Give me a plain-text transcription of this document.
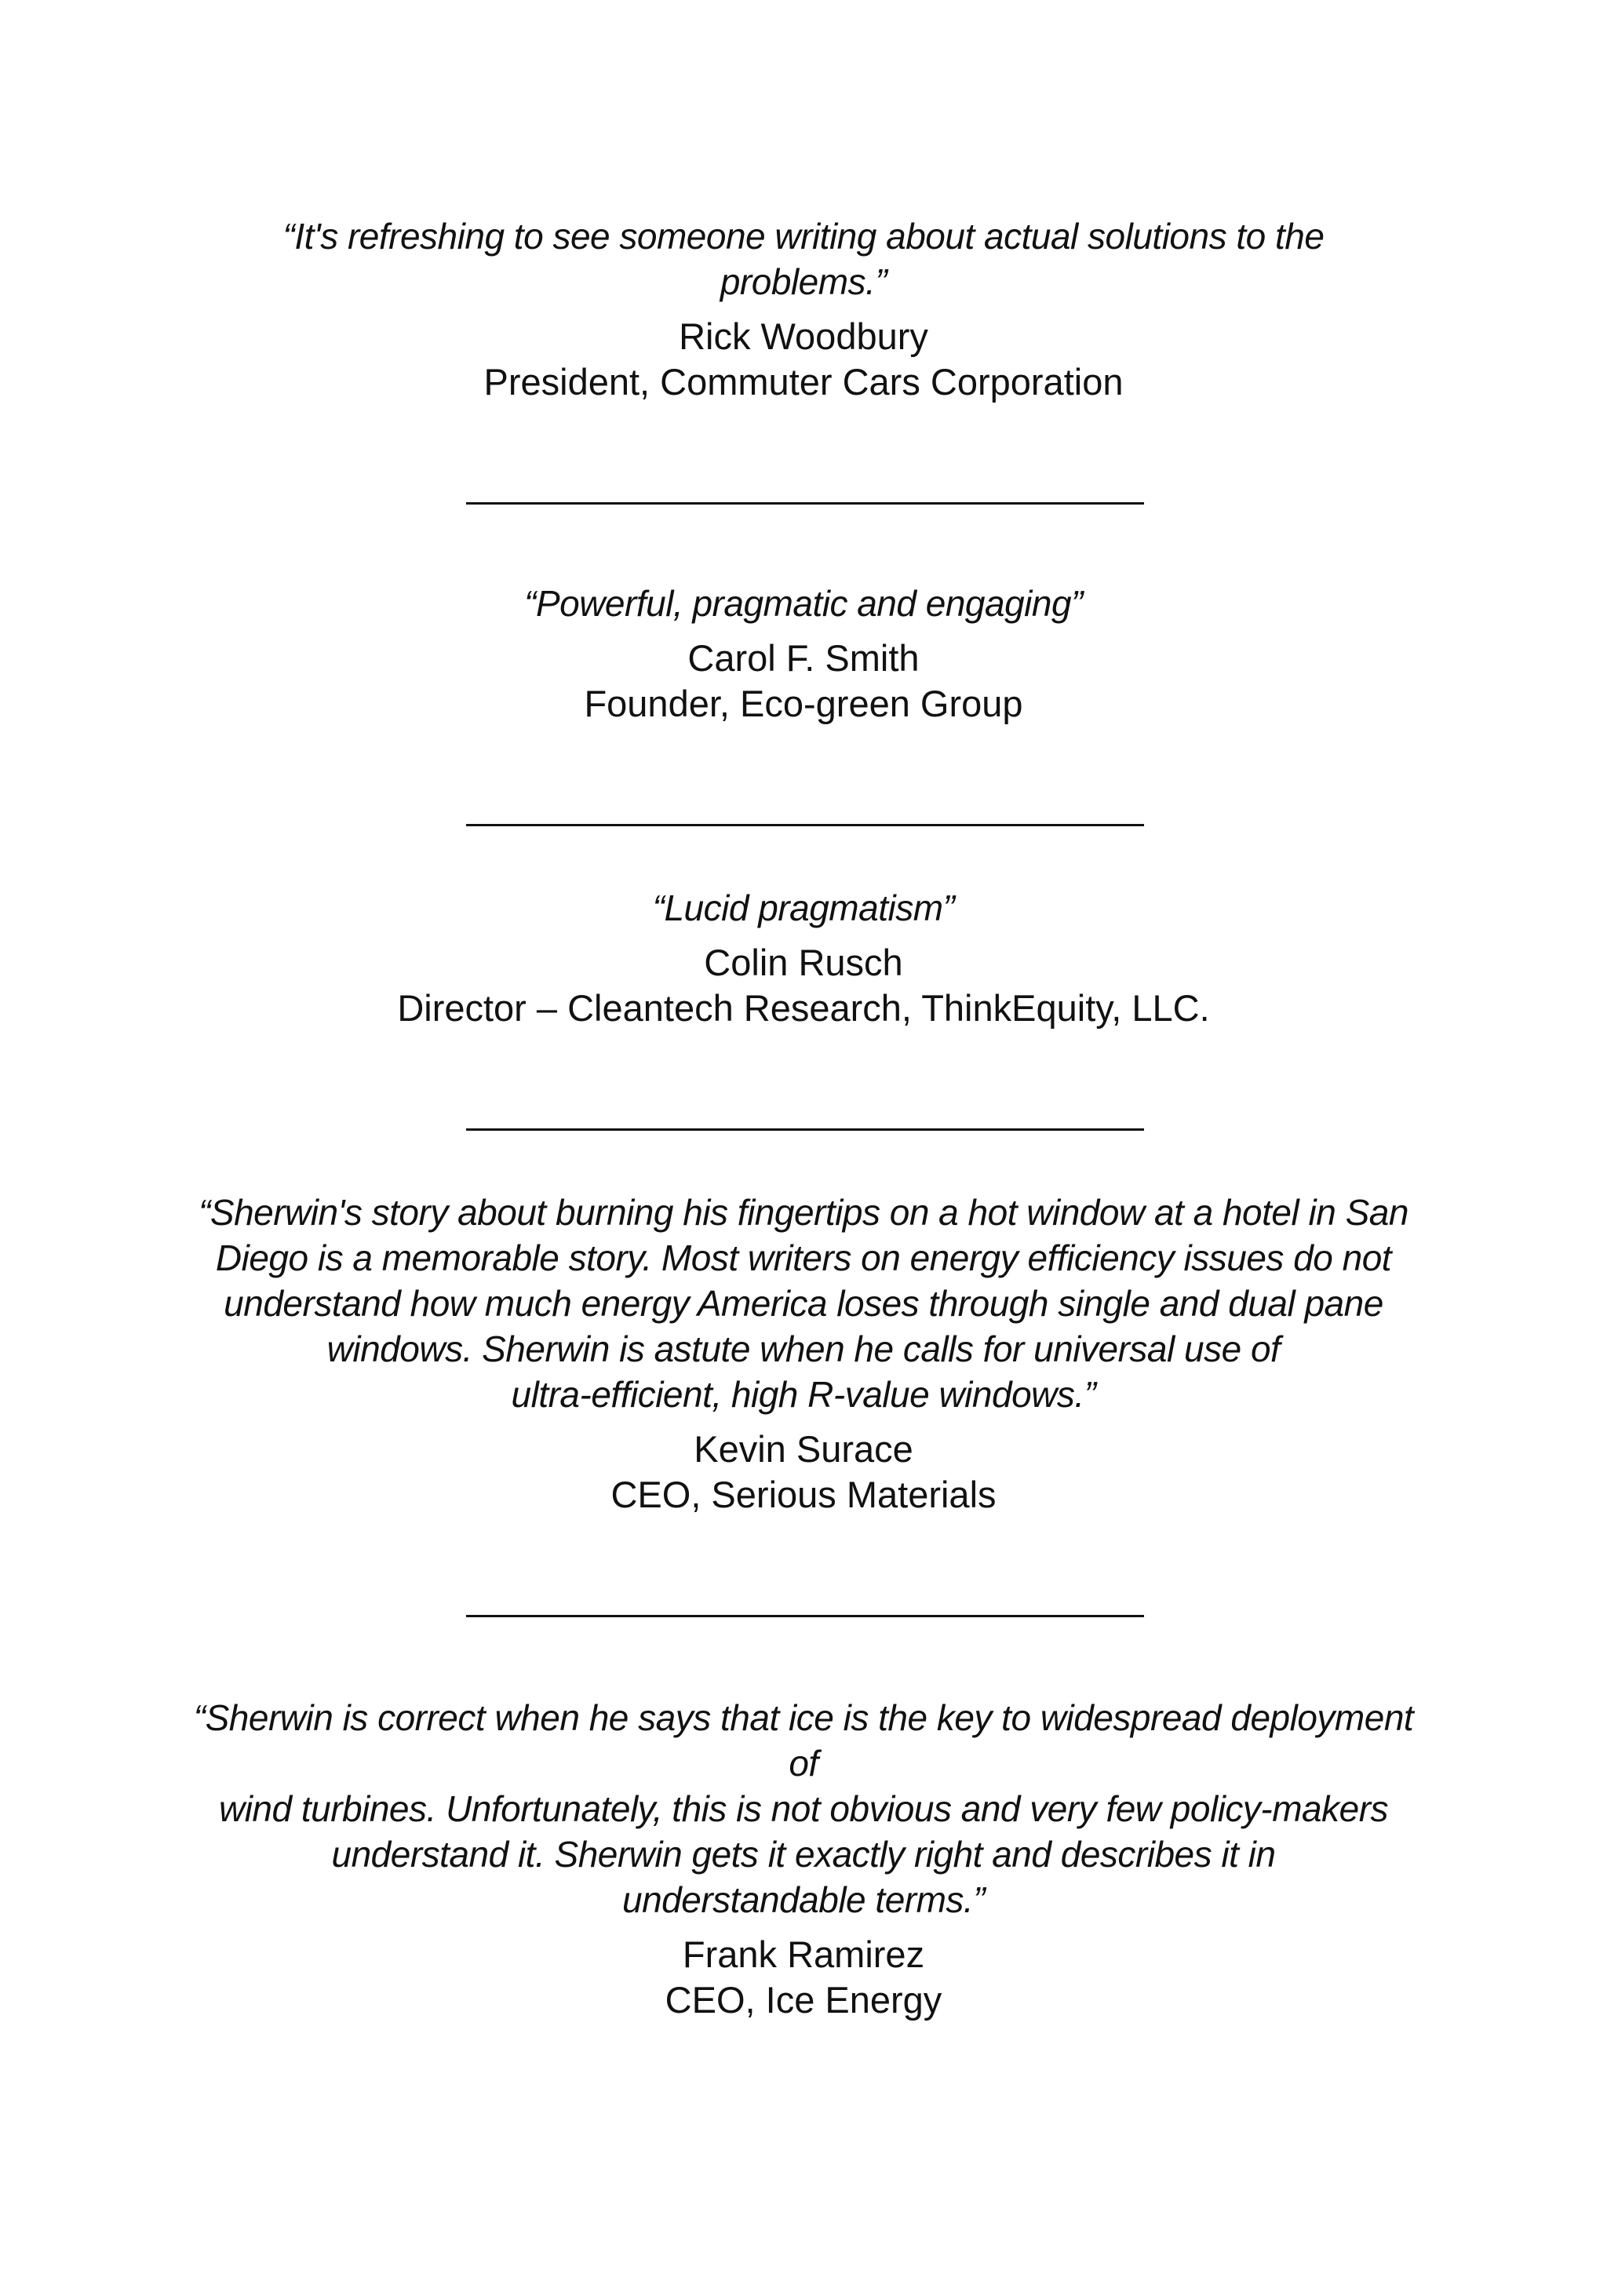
“It's refreshing to see someone writing about actual solutions to the
problems.”
Rick Woodbury
President, Commuter Cars Corporation
“Powerful, pragmatic and engaging”
Carol F. Smith
Founder, Eco-green Group
“Lucid pragmatism”
Colin Rusch
Director – Cleantech Research, ThinkEquity, LLC.
“Sherwin's story about burning his fingertips on a hot window at a hotel in San
Diego is a memorable story. Most writers on energy efficiency issues do not
understand how much energy America loses through single and dual pane
windows. Sherwin is astute when he calls for universal use of
ultra-efficient, high R-value windows.”
Kevin Surace
CEO, Serious Materials
“Sherwin is correct when he says that ice is the key to widespread deployment of
wind turbines. Unfortunately, this is not obvious and very few policy-makers
understand it. Sherwin gets it exactly right and describes it in
understandable terms.”
Frank Ramirez
CEO, Ice Energy
